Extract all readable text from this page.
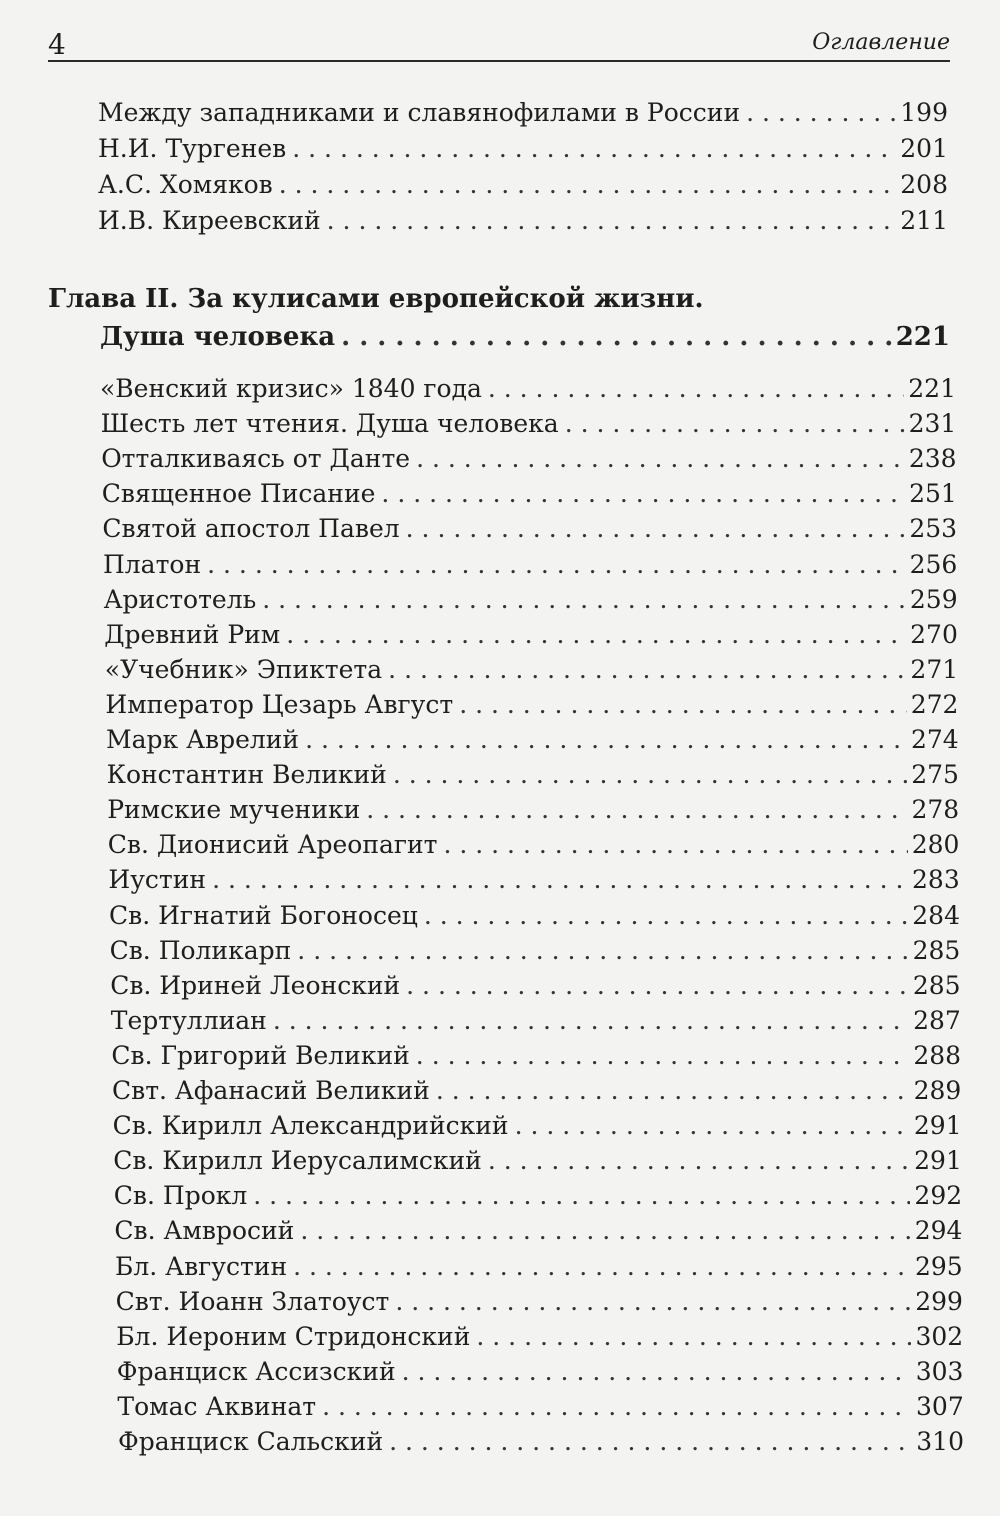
4	Оглавление
Между западниками и славянофилами в России . . .	199
Н.И. Тургенев . . .	201
А.С. Хомяков . . .	208
И.В. Киреевский . . .	211
Глава II. За кулисами европейской жизни.
Душа человека . . .	221
«Венский кризис» 1840 года . . .	221
Шесть лет чтения. Душа человека . . .	231
Отталкиваясь от Данте . . .	238
Священное Писание . . .	251
Святой апостол Павел . . .	253
Платон . . .	256
Аристотель . . .	259
Древний Рим . . .	270
«Учебник» Эпиктета . . .	271
Император Цезарь Август . . .	272
Марк Аврелий . . .	274
Константин Великий . . .	275
Римские мученики . . .	278
Св. Дионисий Ареопагит . . .	280
Иустин . . .	283
Св. Игнатий Богоносец . . .	284
Св. Поликарп . . .	285
Св. Ириней Леонский . . .	285
Тертуллиан . . .	287
Св. Григорий Великий . . .	288
Свт. Афанасий Великий . . .	289
Св. Кирилл Александрийский . . .	291
Св. Кирилл Иерусалимский . . .	291
Св. Прокл . . .	292
Св. Амвросий . . .	294
Бл. Августин . . .	295
Свт. Иоанн Златоуст . . .	299
Бл. Иероним Стридонский . . .	302
Франциск Ассизский . . .	303
Томас Аквинат . . .	307
Франциск Сальский . . .	310
